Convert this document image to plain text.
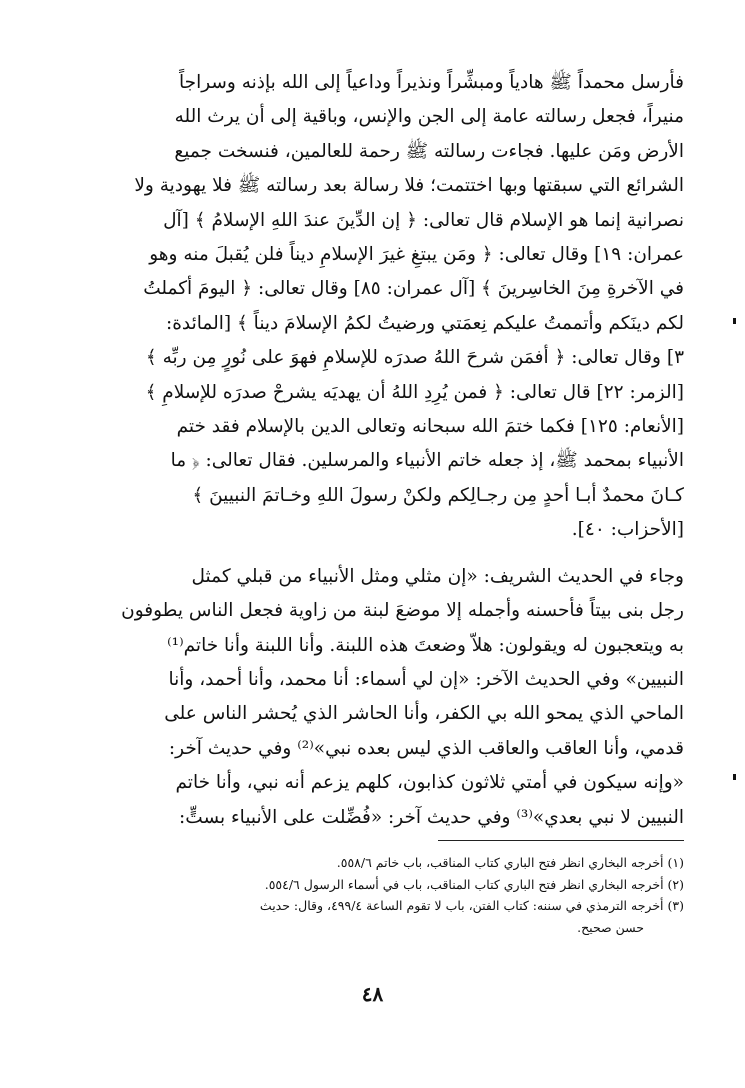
فأرسل محمداً ﷺ هادياً ومبشِّراً ونذيراً وداعياً إلى الله بإذنه وسراجاً

منيراً، فجعل رسالته عامة إلى الجن والإنس، وباقية إلى أن يرث الله

الأرض ومَن عليها. فجاءت رسالته ﷺ رحمة للعالمين، فنسخت جميع

الشرائع التي سبقتها وبها اختتمت؛ فلا رسالة بعد رسالته ﷺ فلا يهودية ولا

نصرانية إنما هو الإسلام قال تعالى: ﴿ إن الدِّينَ عندَ اللهِ الإسلامُ ﴾ [آل

عمران: ١٩] وقال تعالى: ﴿ ومَن يبتغِ غيرَ الإسلامِ ديناً فلن يُقبلَ منه وهو

في الآخرةِ مِنَ الخاسِرينَ ﴾ [آل عمران: ٨٥] وقال تعالى: ﴿ اليومَ أكملتُ

لكم دينَكم وأتممتُ عليكم نِعمَتي ورضيتُ لكمُ الإسلامَ ديناً ﴾ [المائدة:

٣] وقال تعالى: ﴿ أفمَن شرحَ اللهُ صدرَه للإسلامِ فهوَ على نُورٍ مِن ربِّه ﴾

[الزمر: ٢٢] قال تعالى: ﴿ فمن يُرِدِ اللهُ أن يهديَه يشرحْ صدرَه للإسلامِ ﴾

[الأنعام: ١٢٥] فكما ختمَ الله سبحانه وتعالى الدين بالإسلام فقد ختم

الأنبياء بمحمد ﷺ، إذ جعله خاتم الأنبياء والمرسلين. فقال تعالى: ﴿ ما

كـانَ محمدٌ أبـا أحدٍ مِن رجـالِكم ولكنْ رسولَ اللهِ وخـاتمَ النبيينَ ﴾

[الأحزاب: ٤٠].

وجاء في الحديث الشريف: «إن مثلي ومثل الأنبياء من قبلي كمثل

رجل بنى بيتاً فأحسنه وأجمله إلا موضعَ لبنة من زاوية فجعل الناس يطوفون

به ويتعجبون له ويقولون: هلاّ وضعتَ هذه اللبنة. وأنا اللبنة وأنا خاتم⁽¹⁾

النبيين» وفي الحديث الآخر: «إن لي أسماء: أنا محمد، وأنا أحمد، وأنا

الماحي الذي يمحو الله بي الكفر، وأنا الحاشر الذي يُحشر الناس على

قدمي، وأنا العاقب والعاقب الذي ليس بعده نبي»⁽²⁾ وفي حديث آخر:

«وإنه سيكون في أمتي ثلاثون كذابون، كلهم يزعم أنه نبي، وأنا خاتم

النبيين لا نبي بعدي»⁽³⁾ وفي حديث آخر: «فُضِّلت على الأنبياء بستٍّ:

(١) أخرجه البخاري انظر فتح الباري كتاب المناقب، باب خاتم ٥٥٨/٦.

(٢) أخرجه البخاري انظر فتح الباري كتاب المناقب، باب في أسماء الرسول ٥٥٤/٦.

(٣) أخرجه الترمذي في سننه: كتاب الفتن، باب لا تقوم الساعة ٤٩٩/٤، وقال: حديث

حسن صحيح.

٤٨
